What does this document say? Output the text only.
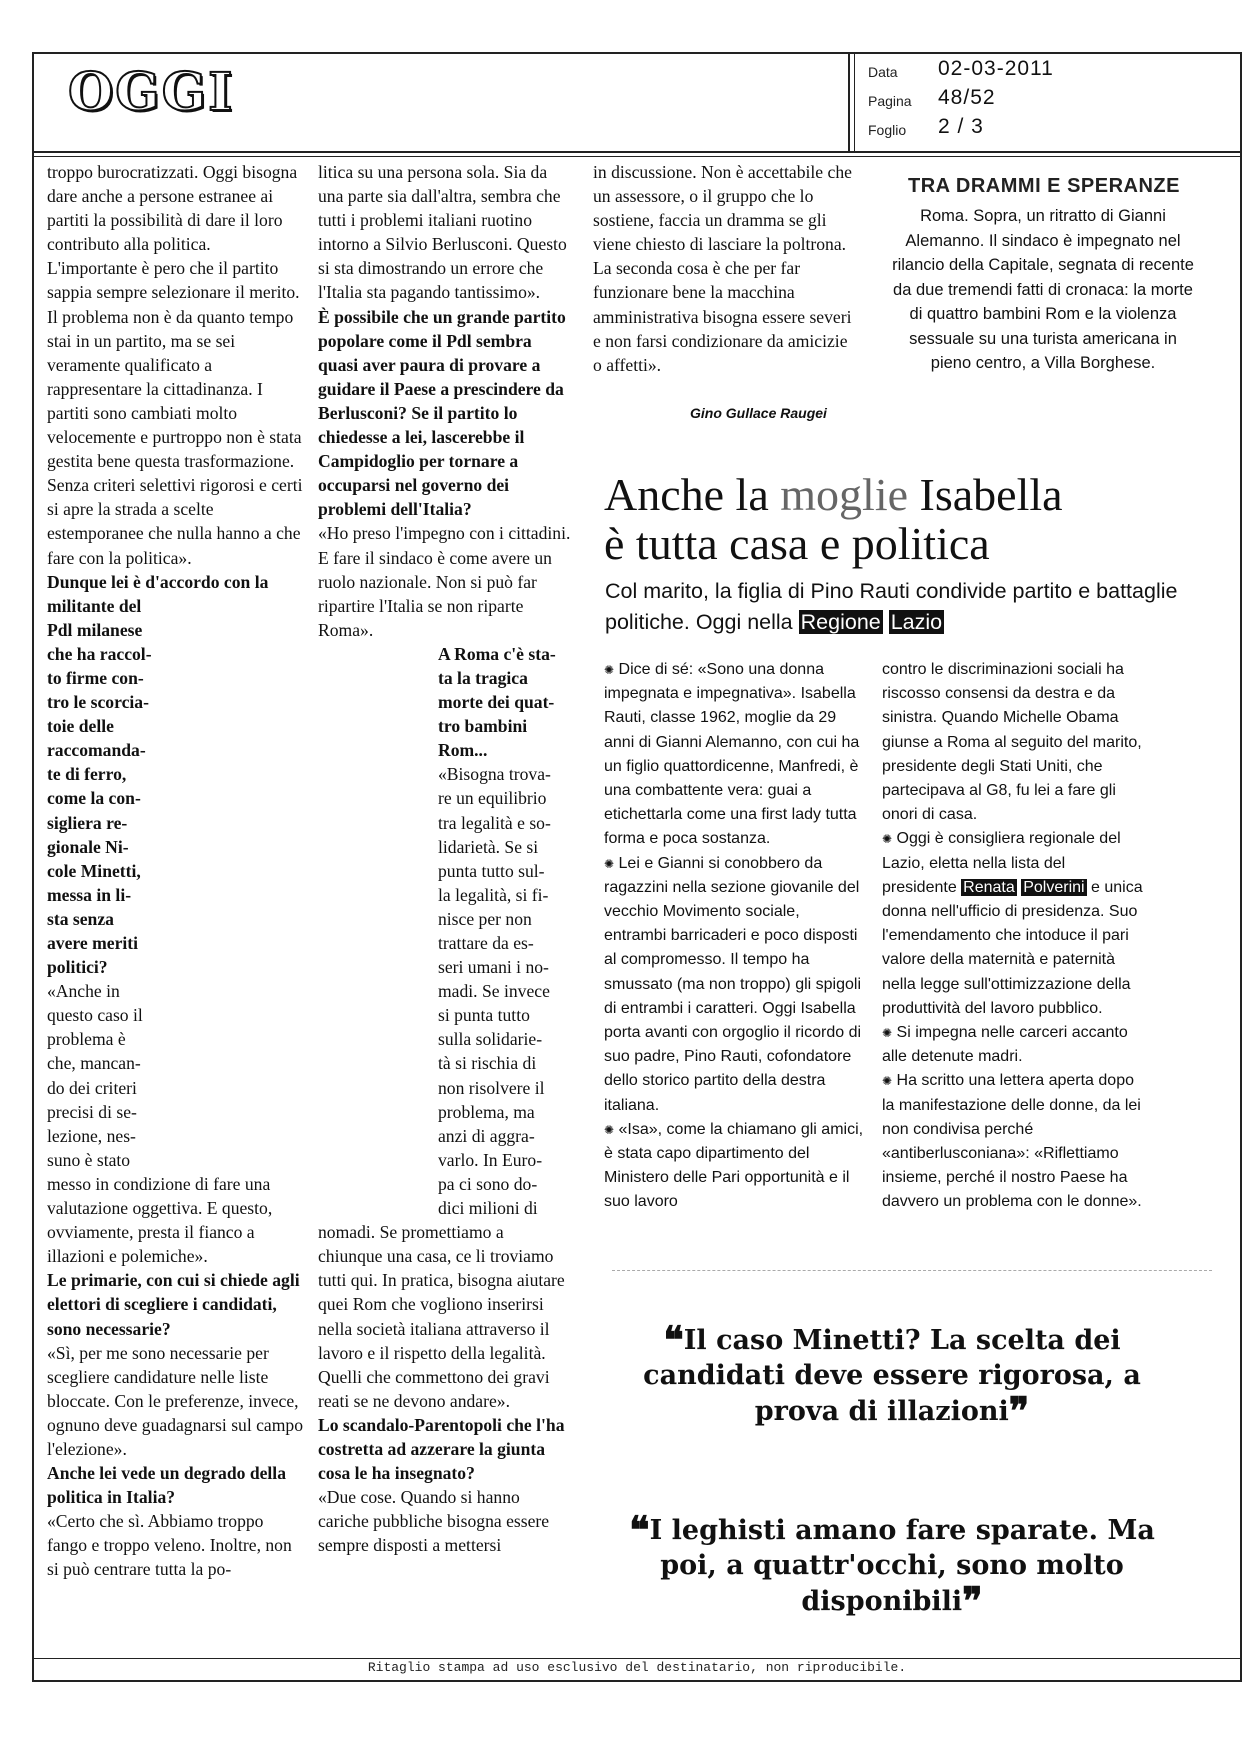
OGGI	Data 02-03-2011
Pagina 48/52
Foglio 2 / 3

troppo burocratizzati. Oggi bisogna dare anche a persone estranee ai partiti la possibilità di dare il loro contributo alla politica. L'importante è pero che il partito sappia sempre selezionare il merito. Il problema non è da quanto tempo stai in un partito, ma se sei veramente qualificato a rappresentare la cittadinanza. I partiti sono cambiati molto velocemente e purtroppo non è stata gestita bene questa trasformazione. Senza criteri selettivi rigorosi e certi si apre la strada a scelte estemporanee che nulla hanno a che fare con la politica».

Dunque lei è d'accordo con la militante del

Pdl milanese
che ha raccol-
to firme con-
tro le scorcia-
toie delle
raccomanda-
te di ferro,
come la con-
sigliera re-
gionale Ni-
cole Minetti,
messa in li-
sta senza
avere meriti
politici?
«Anche in
questo caso il
problema è
che, mancan-
do dei criteri
precisi di se-
lezione, nes-
suno è stato

messo in condizione di fare una valutazione oggettiva. E questo, ovviamente, presta il fianco a illazioni e polemiche».

Le primarie, con cui si chiede agli elettori di scegliere i candidati, sono necessarie?

«Sì, per me sono necessarie per scegliere candidature nelle liste bloccate. Con le preferenze, invece, ognuno deve guadagnarsi sul campo l'elezione».

Anche lei vede un degrado della politica in Italia?

«Certo che sì. Abbiamo troppo fango e troppo veleno. Inoltre, non si può centrare tutta la po-

litica su una persona sola. Sia da una parte sia dall'altra, sembra che tutti i problemi italiani ruotino intorno a Silvio Berlusconi. Questo si sta dimostrando un errore che l'Italia sta pagando tantissimo».

È possibile che un grande partito popolare come il Pdl sembra quasi aver paura di provare a guidare il Paese a prescindere da Berlusconi? Se il partito lo chiedesse a lei, lascerebbe il Campidoglio per tornare a occuparsi nel governo dei problemi dell'Italia?

«Ho preso l'impegno con i cittadini. E fare il sindaco è come avere un ruolo nazionale. Non si può far ripartire l'Italia se non riparte Roma».

A Roma c'è sta-
ta la tragica
morte dei quat-
tro bambini
Rom...
«Bisogna trova-
re un equilibrio
tra legalità e so-
lidarietà. Se si
punta tutto sul-
la legalità, si fi-
nisce per non
trattare da es-
seri umani i no-
madi. Se invece
si punta tutto
sulla solidarie-
tà si rischia di
non risolvere il
problema, ma
anzi di aggra-
varlo. In Euro-
pa ci sono do-
dici milioni di

nomadi. Se promettiamo a chiunque una casa, ce li troviamo tutti qui. In pratica, bisogna aiutare quei Rom che vogliono inserirsi nella società italiana attraverso il lavoro e il rispetto della legalità. Quelli che commettono dei gravi reati se ne devono andare».

Lo scandalo-Parentopoli che l'ha costretta ad azzerare la giunta cosa le ha insegnato?

«Due cose. Quando si hanno cariche pubbliche bisogna essere sempre disposti a mettersi

in discussione. Non è accettabile che un assessore, o il gruppo che lo sostiene, faccia un dramma se gli viene chiesto di lasciare la poltrona. La seconda cosa è che per far funzionare bene la macchina amministrativa bisogna essere severi e non farsi condizionare da amicizie o affetti».

Gino Gullace Raugei
TRA DRAMMI E SPERANZE
Roma. Sopra, un ritratto di Gianni Alemanno. Il sindaco è impegnato nel rilancio della Capitale, segnata di recente da due tremendi fatti di cronaca: la morte di quattro bambini Rom e la violenza sessuale su una turista americana in pieno centro, a Villa Borghese.
Anche la moglie Isabella
è tutta casa e politica
Col marito, la figlia di Pino Rauti condivide partito e battaglie politiche. Oggi nella Regione Lazio

✺ Dice di sé: «Sono una donna impegnata e impegnativa». Isabella Rauti, classe 1962, moglie da 29 anni di Gianni Alemanno, con cui ha un figlio quattordicenne, Manfredi, è una combattente vera: guai a etichettarla come una first lady tutta forma e poca sostanza.

✺ Lei e Gianni si conobbero da ragazzini nella sezione giovanile del vecchio Movimento sociale, entrambi barricaderi e poco disposti al compromesso. Il tempo ha smussato (ma non troppo) gli spigoli di entrambi i caratteri. Oggi Isabella porta avanti con orgoglio il ricordo di suo padre, Pino Rauti, cofondatore dello storico partito della destra italiana.

✺ «Isa», come la chiamano gli amici, è stata capo dipartimento del Ministero delle Pari opportunità e il suo lavoro

contro le discriminazioni sociali ha riscosso consensi da destra e da sinistra. Quando Michelle Obama giunse a Roma al seguito del marito, presidente degli Stati Uniti, che partecipava al G8, fu lei a fare gli onori di casa.

✺ Oggi è consigliera regionale del Lazio, eletta nella lista del presidente Renata Polverini e unica donna nell'ufficio di presidenza. Suo l'emendamento che intoduce il pari valore della maternità e paternità nella legge sull'ottimizzazione della produttività del lavoro pubblico.

✺ Si impegna nelle carceri accanto alle detenute madri.

✺ Ha scritto una lettera aperta dopo la manifestazione delle donne, da lei non condivisa perché «antiberlusconiana»: «Riflettiamo insieme, perché il nostro Paese ha davvero un problema con le donne».

❝Il caso Minetti? La scelta dei candidati deve essere rigorosa, a prova di illazioni❞
❝I leghisti amano fare sparate. Ma poi, a quattr'occhi, sono molto disponibili❞
Ritaglio stampa ad uso esclusivo del destinatario, non riproducibile.
